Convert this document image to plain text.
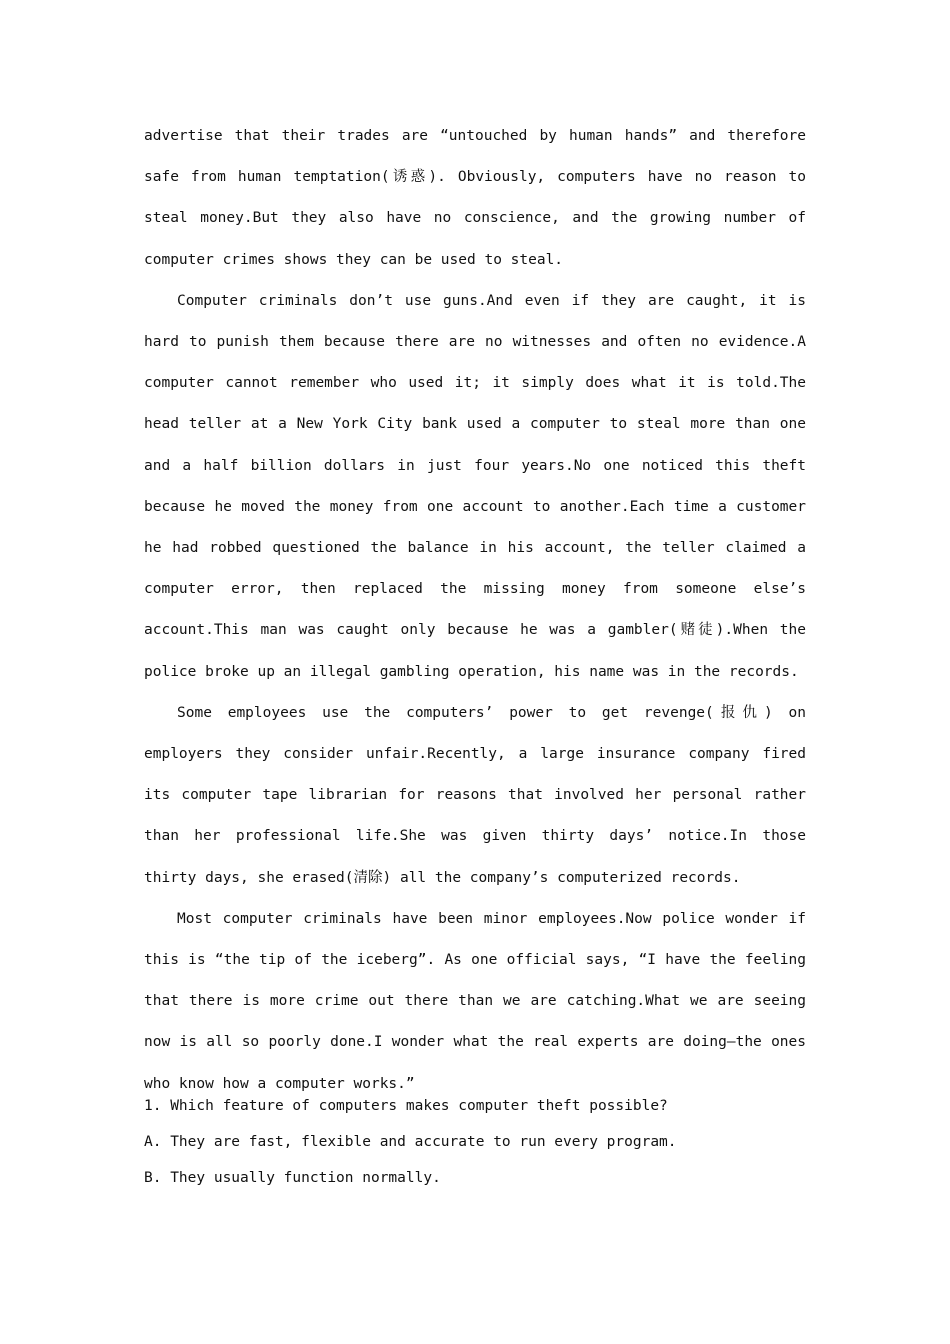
advertise that their trades are “untouched by human hands” and therefore safe from human temptation(诱惑). Obviously, computers have no reason to steal money.But they also have no conscience, and the growing number of computer crimes shows they can be used to steal.

Computer criminals don’t use guns.And even if they are caught, it is hard to punish them because there are no witnesses and often no evidence.A computer cannot remember who used it; it simply does what it is told.The head teller at a New York City bank used a computer to steal more than one and a half billion dollars in just four years.No one noticed this theft because he moved the money from one account to another.Each time a customer he had robbed questioned the balance in his account, the teller claimed a computer error, then replaced the missing money from someone else’s account.This man was caught only because he was a gambler(赌徒).When the police broke up an illegal gambling operation, his name was in the records.

Some employees use the computers’ power to get revenge(报仇) on employers they consider unfair.Recently, a large insurance company fired its computer tape librarian for reasons that involved her personal rather than her professional life.She was given thirty days’ notice.In those thirty days, she erased(清除) all the company’s computerized records.

Most computer criminals have been minor employees.Now police wonder if this is “the tip of the iceberg”. As one official says, “I have the feeling that there is more crime out there than we are catching.What we are seeing now is all so poorly done.I wonder what the real experts are doing—the ones who know how a computer works.”

1. Which feature of computers makes computer theft possible?

A. They are fast, flexible and accurate to run every program.

B. They usually function normally.
